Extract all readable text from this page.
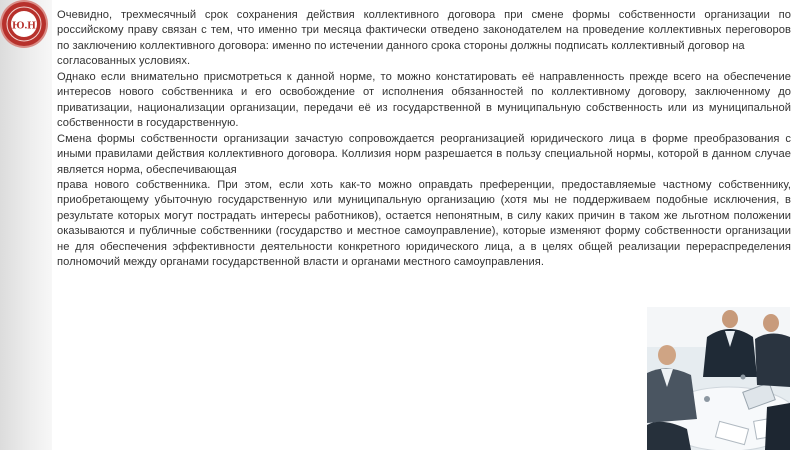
Ю.Н

Очевидно, трехмесячный срок сохранения действия коллективного договора при смене формы собственности организации по российскому праву связан с тем, что именно три месяца фактически отведено законодателем на проведение коллективных переговоров по заключению коллективного договора: именно по истечении данного срока стороны должны подписать коллективный договор на

согласованных условиях.

Однако если внимательно присмотреться к данной норме, то можно констатировать её направленность прежде всего на обеспечение интересов нового собственника и его освобождение от исполнения обязанностей по коллективному договору, заключенному до приватизации, национализации организации, передачи её из государственной в муниципальную собственность или из муниципальной собственности в государственную.

Смена формы собственности организации зачастую сопровождается реорганизацией юридического лица в форме преобразования с иными правилами действия коллективного договора. Коллизия норм разрешается в пользу специальной нормы, которой в данном случае является норма, обеспечивающая

права нового собственника. При этом, если хоть как-то можно оправдать преференции, предоставляемые частному собственнику, приобретающему убыточную государственную или муниципальную организацию (хотя мы не поддерживаем подобные исключения, в результате которых могут пострадать интересы работников), остается непонятным, в силу каких причин в таком же льготном положении оказываются и публичные собственники (государство и местное самоуправление), которые изменяют форму собственности организации не для обеспечения эффективности деятельности конкретного юридического лица, а в целях общей реализации перераспределения полномочий между органами государственной власти и органами местного самоуправления.
